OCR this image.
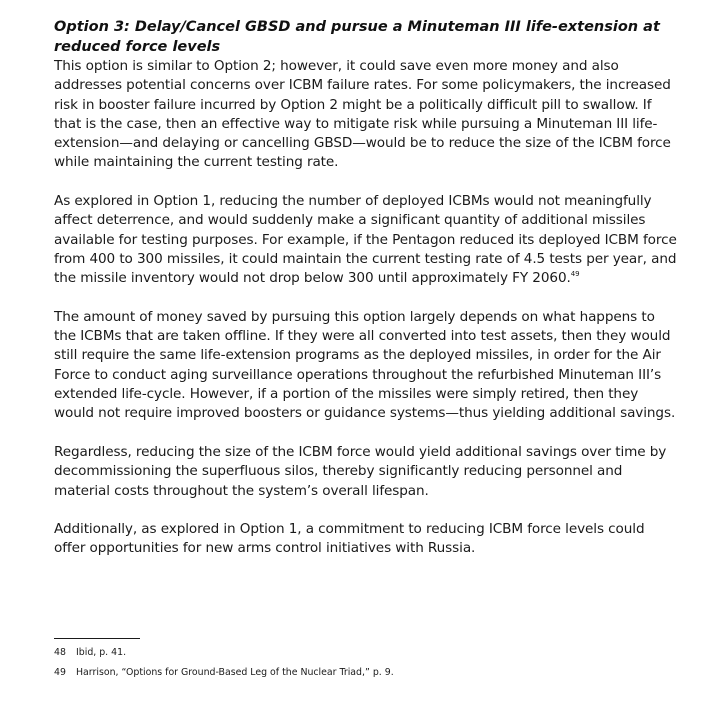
Option 3: Delay/Cancel GBSD and pursue a Minuteman III life-extension at
reduced force levels

This option is similar to Option 2; however, it could save even more money and also addresses potential concerns over ICBM failure rates. For some policymakers, the increased risk in booster failure incurred by Option 2 might be a politically difficult pill to swallow. If that is the case, then an effective way to mitigate risk while pursuing a Minuteman III life-extension—and delaying or cancelling GBSD—would be to reduce the size of the ICBM force while maintaining the current testing rate.

As explored in Option 1, reducing the number of deployed ICBMs would not meaningfully affect deterrence, and would suddenly make a significant quantity of additional missiles available for testing purposes. For example, if the Pentagon reduced its deployed ICBM force from 400 to 300 missiles, it could maintain the current testing rate of 4.5 tests per year, and the missile inventory would not drop below 300 until approximately FY 2060.49

The amount of money saved by pursuing this option largely depends on what happens to the ICBMs that are taken offline. If they were all converted into test assets, then they would still require the same life-extension programs as the deployed missiles, in order for the Air Force to conduct aging surveillance operations throughout the refurbished Minuteman III’s extended life-cycle. However, if a portion of the missiles were simply retired, then they would not require improved boosters or guidance systems—thus yielding additional savings.

Regardless, reducing the size of the ICBM force would yield additional savings over time by decommissioning the superfluous silos, thereby significantly reducing personnel and material costs throughout the system’s overall lifespan.

Additionally, as explored in Option 1, a commitment to reducing ICBM force levels could offer opportunities for new arms control initiatives with Russia.

48	Ibid, p. 41.
49	Harrison, “Options for Ground-Based Leg of the Nuclear Triad,” p. 9.
